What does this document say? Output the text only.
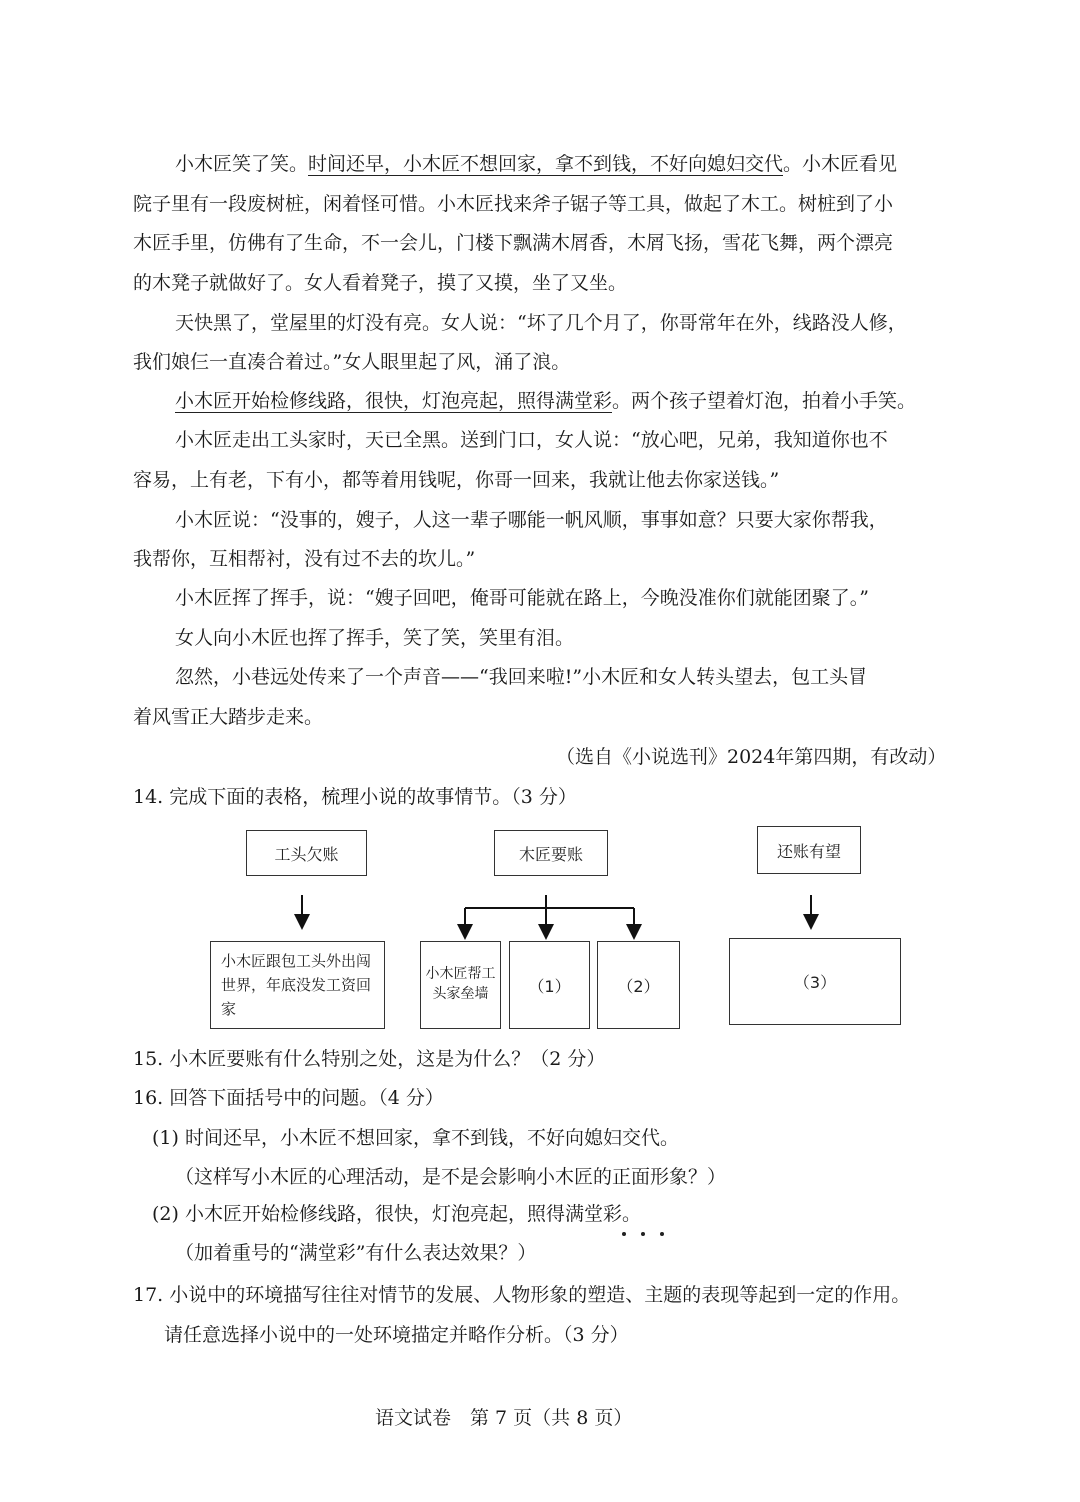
小木匠笑了笑。时间还早，小木匠不想回家，拿不到钱，不好向媳妇交代。小木匠看见
院子里有一段废树桩，闲着怪可惜。小木匠找来斧子锯子等工具，做起了木工。树桩到了小
木匠手里，仿佛有了生命，不一会儿，门楼下飘满木屑香，木屑飞扬，雪花飞舞，两个漂亮
的木凳子就做好了。女人看着凳子，摸了又摸，坐了又坐。
天快黑了，堂屋里的灯没有亮。女人说：“坏了几个月了，你哥常年在外，线路没人修，
我们娘仨一直凑合着过。”女人眼里起了风，涌了浪。
小木匠开始检修线路，很快，灯泡亮起，照得满堂彩。两个孩子望着灯泡，拍着小手笑。
小木匠走出工头家时，天已全黑。送到门口，女人说：“放心吧，兄弟，我知道你也不
容易，上有老，下有小，都等着用钱呢，你哥一回来，我就让他去你家送钱。”
小木匠说：“没事的，嫂子，人这一辈子哪能一帆风顺，事事如意？只要大家你帮我，
我帮你，互相帮衬，没有过不去的坎儿。”
小木匠挥了挥手，说：“嫂子回吧，俺哥可能就在路上，今晚没准你们就能团聚了。”
女人向小木匠也挥了挥手，笑了笑，笑里有泪。
忽然，小巷远处传来了一个声音——“我回来啦!”小木匠和女人转头望去，包工头冒
着风雪正大踏步走来。
（选自《小说选刊》2024年第四期，有改动）
14. 完成下面的表格，梳理小说的故事情节。（3 分）
工头欠账	木匠要账	还账有望
小木匠跟包工头外出闯世界，年底没发工资回家
小木匠帮工头家垒墙	（1）	（2）	（3）
15. 小木匠要账有什么特别之处，这是为什么？（2 分）
16. 回答下面括号中的问题。（4 分）
(1) 时间还早，小木匠不想回家，拿不到钱，不好向媳妇交代。
（这样写小木匠的心理活动，是不是会影响小木匠的正面形象？）
(2) 小木匠开始检修线路，很快，灯泡亮起，照得满堂彩。
（加着重号的“满堂彩”有什么表达效果？）
17. 小说中的环境描写往往对情节的发展、人物形象的塑造、主题的表现等起到一定的作用。
请任意选择小说中的一处环境描定并略作分析。（3 分）
语文试卷　第 7 页（共 8 页）
